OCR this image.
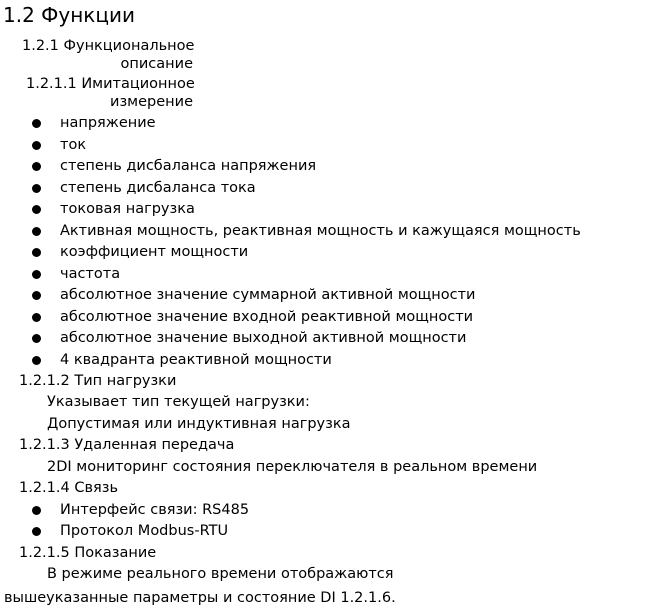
1.2 Функции
1.2.1 Функциональное
описание
1.2.1.1 Имитационное
измерение
напряжение
ток
степень дисбаланса напряжения
степень дисбаланса тока
токовая нагрузка
Активная мощность, реактивная мощность и кажущаяся мощность
коэффициент мощности
частота
абсолютное значение суммарной активной мощности
абсолютное значение входной реактивной мощности
абсолютное значение выходной активной мощности
4 квадранта реактивной мощности
1.2.1.2 Тип нагрузки
Указывает тип текущей нагрузки:
Допустимая или индуктивная нагрузка
1.2.1.3 Удаленная передача
2DI мониторинг состояния переключателя в реальном времени
1.2.1.4 Связь
Интерфейс связи: RS485
Протокол Modbus-RTU
1.2.1.5 Показание
В режиме реального времени отображаются
вышеуказанные параметры и состояние DI 1.2.1.6.
